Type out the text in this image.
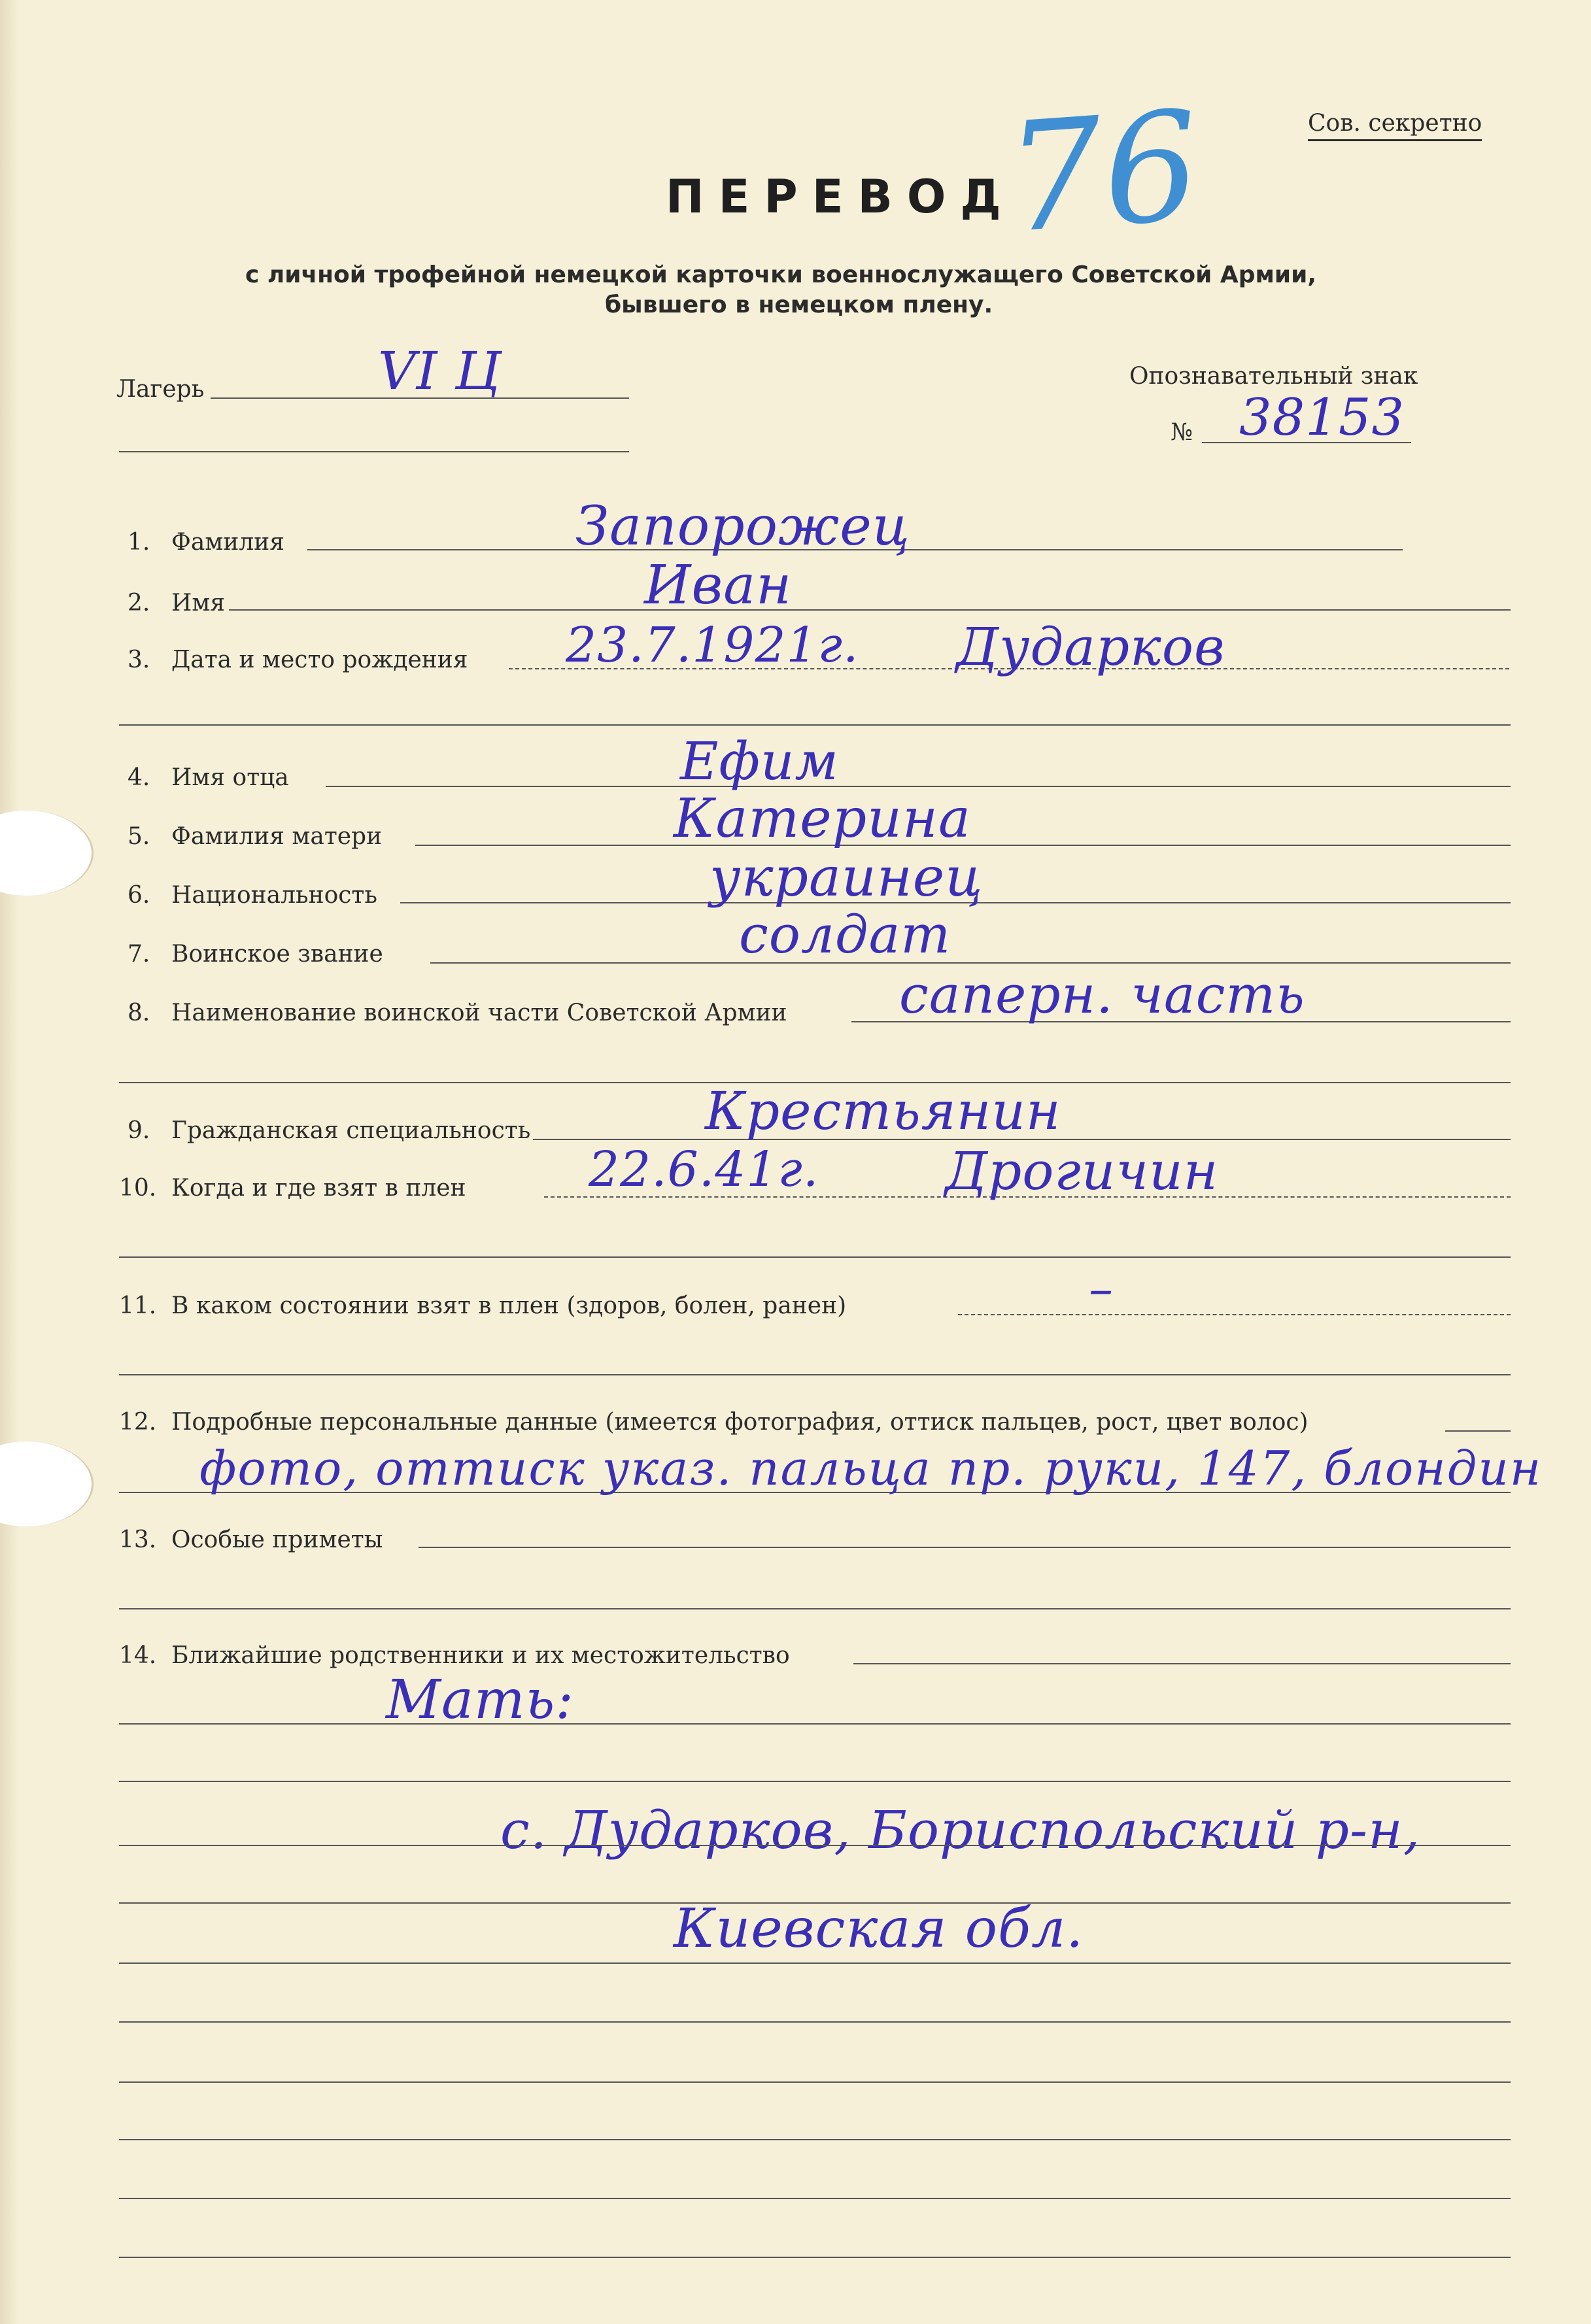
Сов. секретно
76
ПЕРЕВОД
с личной трофейной немецкой карточки военнослужащего Советской Армии,
бывшего в немецком плену.
Лагерь	VI Ц	Опознавательный знак
№ 38153
1. Фамилия	Запорожец
2. Имя	Иван
3. Дата и место рождения 23.7.1921г. Дударков
4. Имя отца	Ефим
5. Фамилия матери	Катерина
6. Национальность	украинец
7. Воинское звание	солдат
8. Наименование воинской части Советской Армии саперн. часть
9. Гражданская специальность	Крестьянин
10. Когда и где взят в плен	22.6.41г. Дрогичин
11. В каком состоянии взят в плен (здоров, болен, ранен)	–
12. Подробные персональные данные (имеется фотография, оттиск пальцев, рост, цвет волос)
фото, оттиск указ. пальца пр. руки, 147, блондин
13. Особые приметы
14. Ближайшие родственники и их местожительство
Мать:
с. Дударков, Бориспольский р-н,
Киевская обл.
